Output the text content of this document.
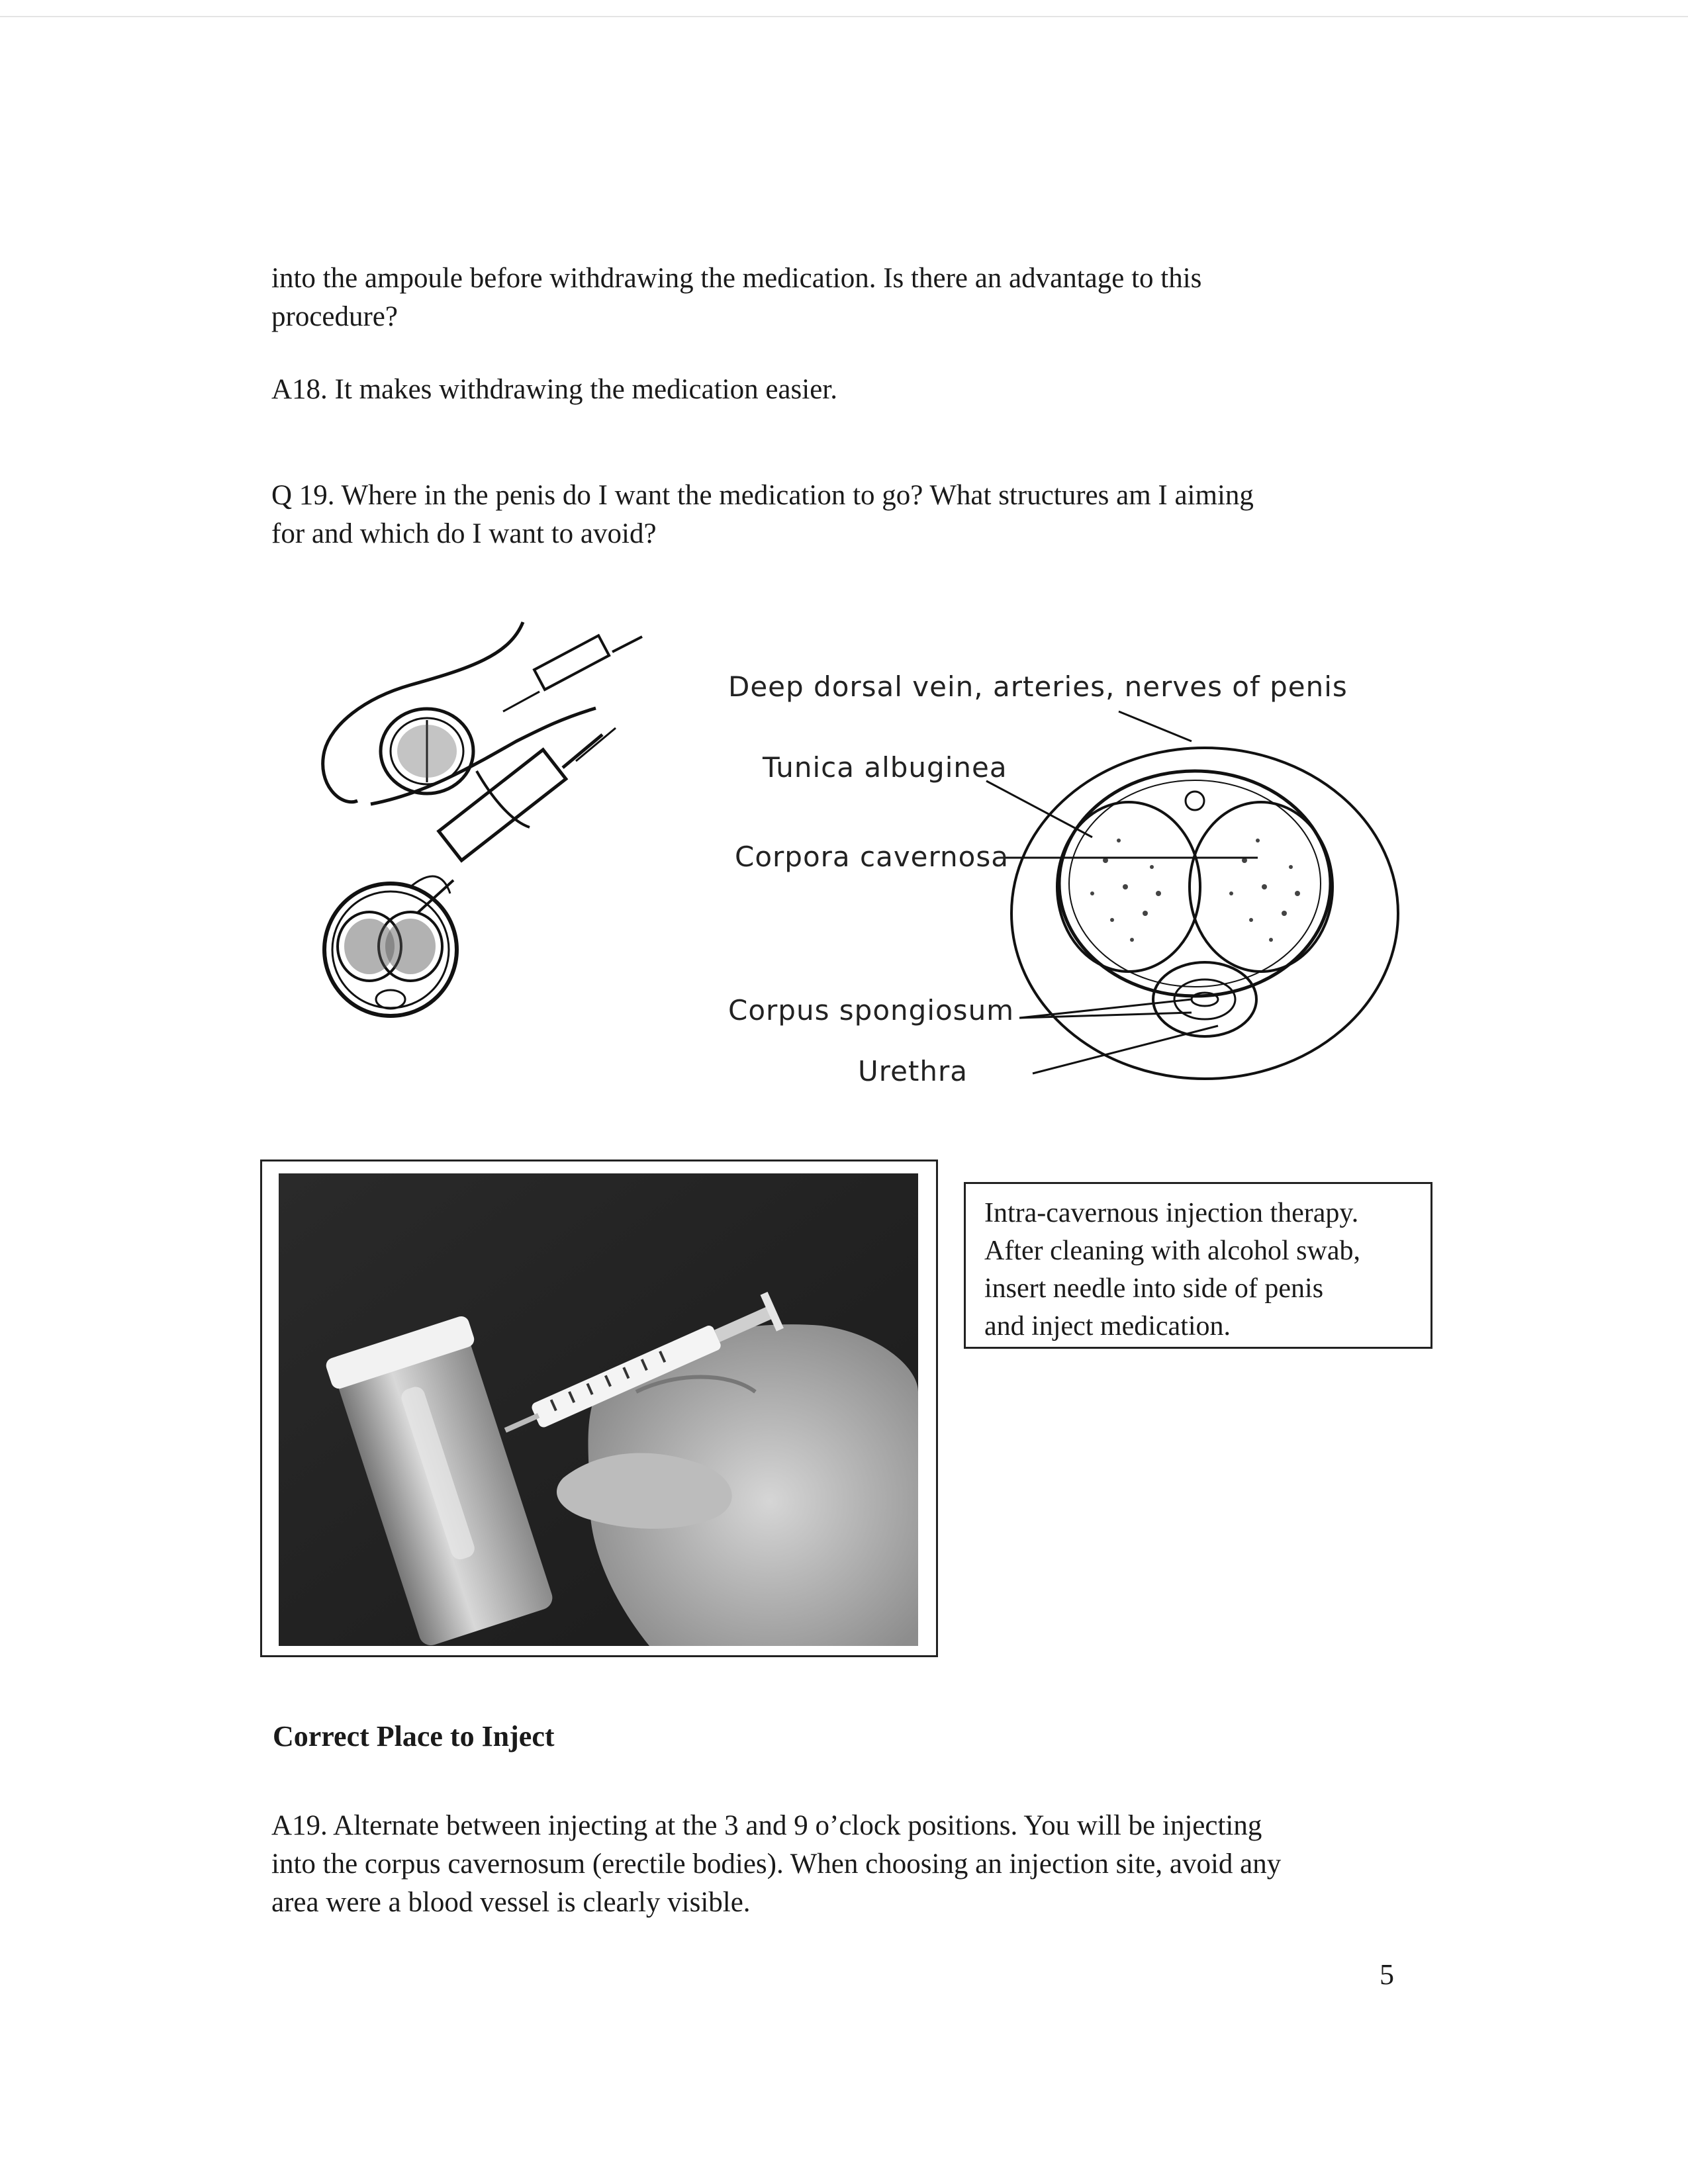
into the ampoule before withdrawing the medication. Is there an advantage to this
procedure?

A18. It makes withdrawing the medication easier.

Q 19. Where in the penis do I want the medication to go? What structures am I aiming
for and which do I want to avoid?

Deep dorsal vein, arteries, nerves of penis
Tunica albuginea
Corpora cavernosa
Corpus spongiosum
Urethra
Intra-cavernous injection therapy.
After cleaning with alcohol swab,
insert needle into side of penis
and inject medication.
Correct Place to Inject

A19. Alternate between injecting at the 3 and 9 o’clock positions. You will be injecting
into the corpus cavernosum (erectile bodies). When choosing an injection site, avoid any
area were a blood vessel is clearly visible.

5
